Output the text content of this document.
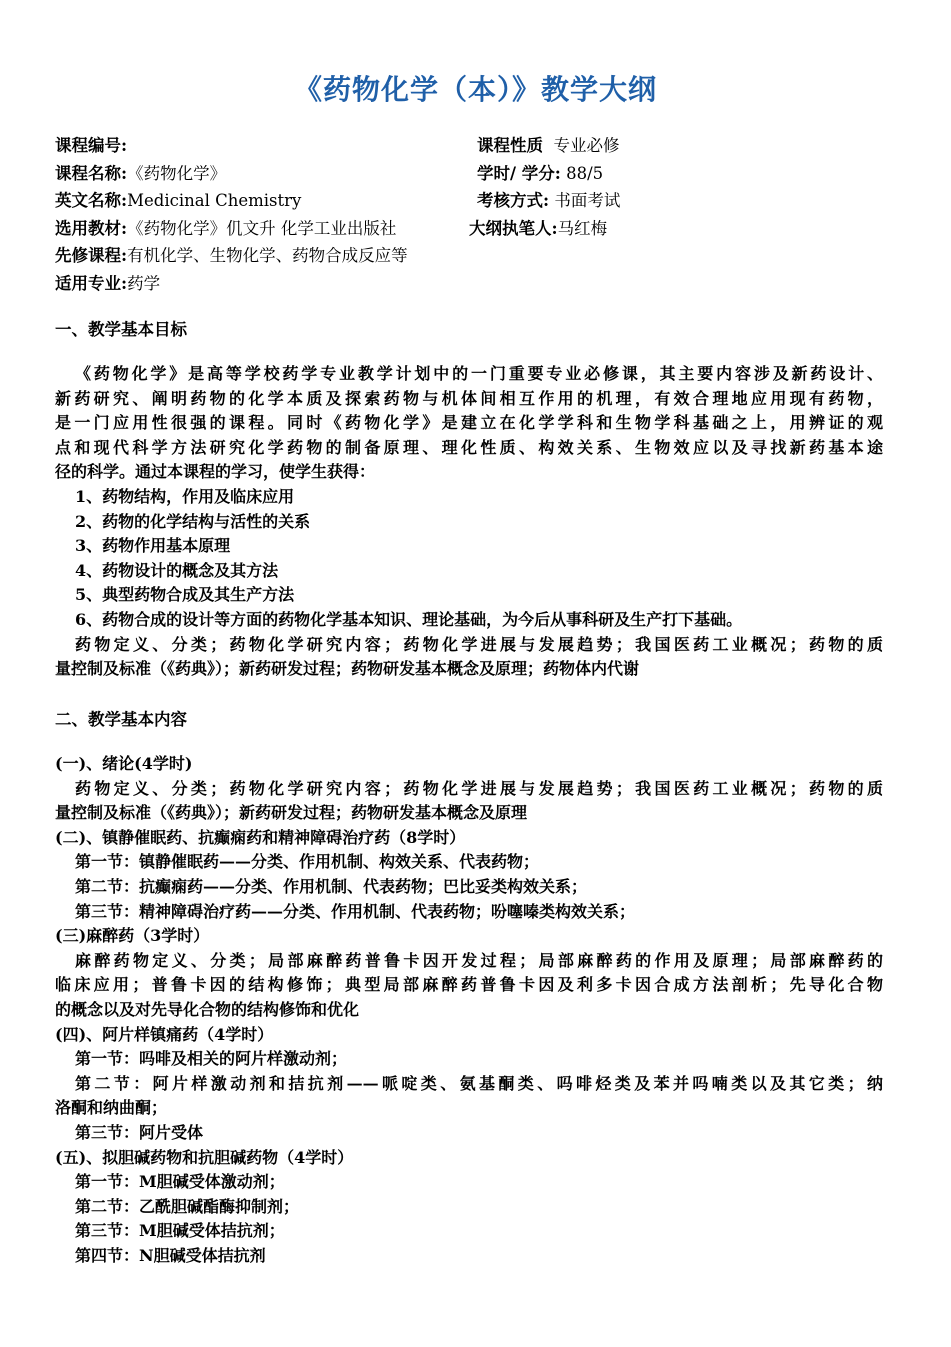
《药物化学（本）》教学大纲
课程编号:	课程性质 专业必修
课程名称:《药物化学》	学时/ 学分: 88/5
英文名称:Medicinal Chemistry	考核方式: 书面考试
选用教材:《药物化学》仉文升 化学工业出版社	大纲执笔人:马红梅
先修课程:有机化学、生物化学、药物合成反应等
适用专业:药学
一、教学基本目标
《药物化学》是高等学校药学专业教学计划中的一门重要专业必修课，其主要内容涉及新药设计、
新药研究、阐明药物的化学本质及探索药物与机体间相互作用的机理，有效合理地应用现有药物，
是一门应用性很强的课程。同时《药物化学》是建立在化学学科和生物学科基础之上，用辨证的观
点和现代科学方法研究化学药物的制备原理、理化性质、构效关系、生物效应以及寻找新药基本途
径的科学。通过本课程的学习，使学生获得：
1、药物结构，作用及临床应用
2、药物的化学结构与活性的关系
3、药物作用基本原理
4、药物设计的概念及其方法
5、典型药物合成及其生产方法
6、药物合成的设计等方面的药物化学基本知识、理论基础，为今后从事科研及生产打下基础。
药物定义、分类；药物化学研究内容；药物化学进展与发展趋势；我国医药工业概况；药物的质
量控制及标准（《药典》）；新药研发过程；药物研发基本概念及原理；药物体内代谢
二、教学基本内容
(一)、绪论(4学时)
药物定义、分类；药物化学研究内容；药物化学进展与发展趋势；我国医药工业概况；药物的质
量控制及标准（《药典》）；新药研发过程；药物研发基本概念及原理
(二)、镇静催眠药、抗癫痫药和精神障碍治疗药（8学时）
第一节：镇静催眠药——分类、作用机制、构效关系、代表药物；
第二节：抗癫痫药——分类、作用机制、代表药物；巴比妥类构效关系；
第三节：精神障碍治疗药——分类、作用机制、代表药物；吩噻嗪类构效关系；
(三)麻醉药（3学时）
麻醉药物定义、分类；局部麻醉药普鲁卡因开发过程；局部麻醉药的作用及原理；局部麻醉药的
临床应用；普鲁卡因的结构修饰；典型局部麻醉药普鲁卡因及利多卡因合成方法剖析；先导化合物
的概念以及对先导化合物的结构修饰和优化
(四)、阿片样镇痛药（4学时）
第一节：吗啡及相关的阿片样激动剂；
第二节：阿片样激动剂和拮抗剂——哌啶类、氨基酮类、吗啡烃类及苯并吗喃类以及其它类；纳
洛酮和纳曲酮；
第三节：阿片受体
(五)、拟胆碱药物和抗胆碱药物（4学时）
第一节：M胆碱受体激动剂；
第二节：乙酰胆碱酯酶抑制剂；
第三节：M胆碱受体拮抗剂；
第四节：N胆碱受体拮抗剂
